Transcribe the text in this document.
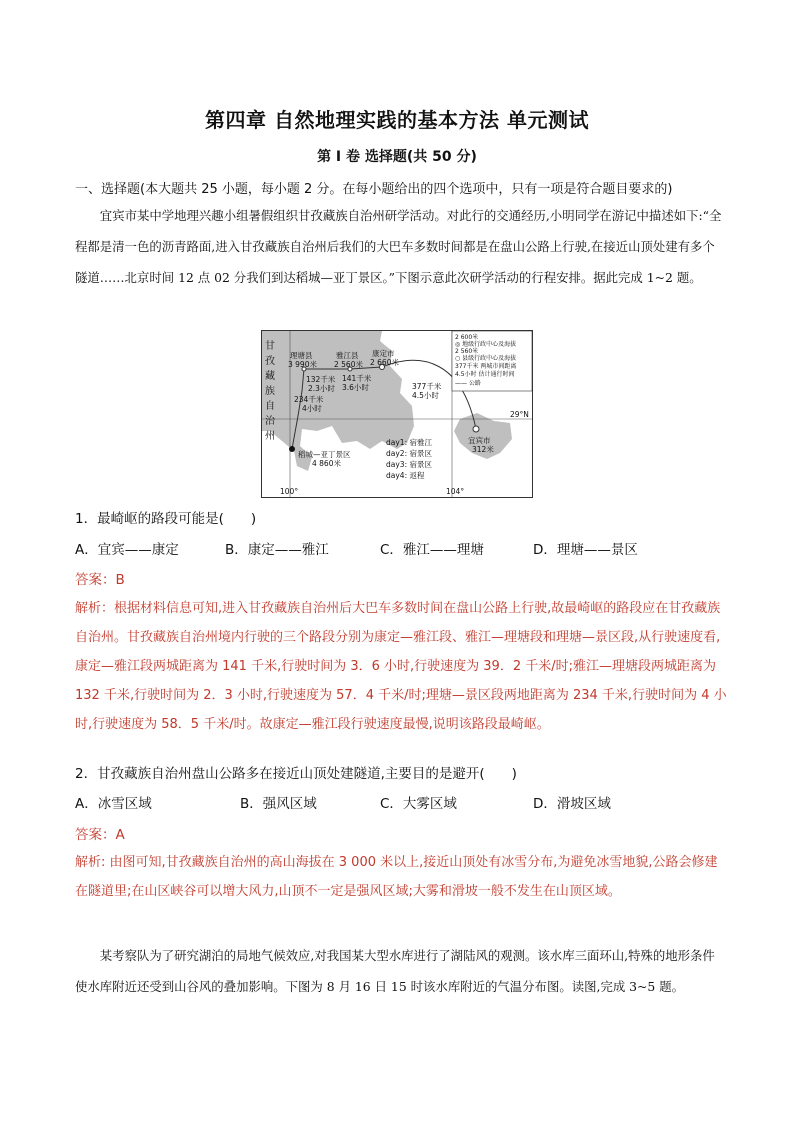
第四章 自然地理实践的基本方法 单元测试
第 I 卷 选择题(共 50 分)
一、选择题(本大题共 25 小题，每小题 2 分。在每小题给出的四个选项中，只有一项是符合题目要求的)
宜宾市某中学地理兴趣小组暑假组织甘孜藏族自治州研学活动。对此行的交通经历,小明同学在游记中描述如下:“全程都是清一色的沥青路面,进入甘孜藏族自治州后我们的大巴车多数时间都是在盘山公路上行驶,在接近山顶处建有多个隧道……北京时间 12 点 02 分我们到达稻城—亚丁景区。”下图示意此次研学活动的行程安排。据此完成 1~2 题。
甘
孜
藏
族
自
治
州
理塘县
3 990米
雅江县
2 560米
康定市
2 660米
宜宾市
312米
稻城—亚丁景区
4 860米
132千米
2.3小时
141千米
3.6小时
234千米
4小时
377千米
4.5小时
day1: 宿雅江
day2: 宿景区
day3: 宿景区
day4: 返程
29°N
100°	104°
2 600米
◎ 地级行政中心及海拔
2 560米
○ 县级行政中心及海拔
377千米 两城市间距离
4.5小时 估计通行时间
—— 公路
1．最崎岖的路段可能是(　　)
A．宜宾——康定	B．康定——雅江	C．雅江——理塘	D．理塘——景区
答案：B
解析：根据材料信息可知,进入甘孜藏族自治州后大巴车多数时间在盘山公路上行驶,故最崎岖的路段应在甘孜藏族自治州。甘孜藏族自治州境内行驶的三个路段分别为康定—雅江段、雅江—理塘段和理塘—景区段,从行驶速度看,康定—雅江段两城距离为 141 千米,行驶时间为 3．6 小时,行驶速度为 39．2 千米/时;雅江—理塘段两城距离为 132 千米,行驶时间为 2．3 小时,行驶速度为 57．4 千米/时;理塘—景区段两地距离为 234 千米,行驶时间为 4 小时,行驶速度为 58．5 千米/时。故康定—雅江段行驶速度最慢,说明该路段最崎岖。
2．甘孜藏族自治州盘山公路多在接近山顶处建隧道,主要目的是避开(　　)
A．冰雪区域	B．强风区域	C．大雾区域	D．滑坡区域
答案：A
解析: 由图可知,甘孜藏族自治州的高山海拔在 3 000 米以上,接近山顶处有冰雪分布,为避免冰雪地貌,公路会修建在隧道里;在山区峡谷可以增大风力,山顶不一定是强风区域;大雾和滑坡一般不发生在山顶区域。
某考察队为了研究湖泊的局地气候效应,对我国某大型水库进行了湖陆风的观测。该水库三面环山,特殊的地形条件使水库附近还受到山谷风的叠加影响。下图为 8 月 16 日 15 时该水库附近的气温分布图。读图,完成 3~5 题。
